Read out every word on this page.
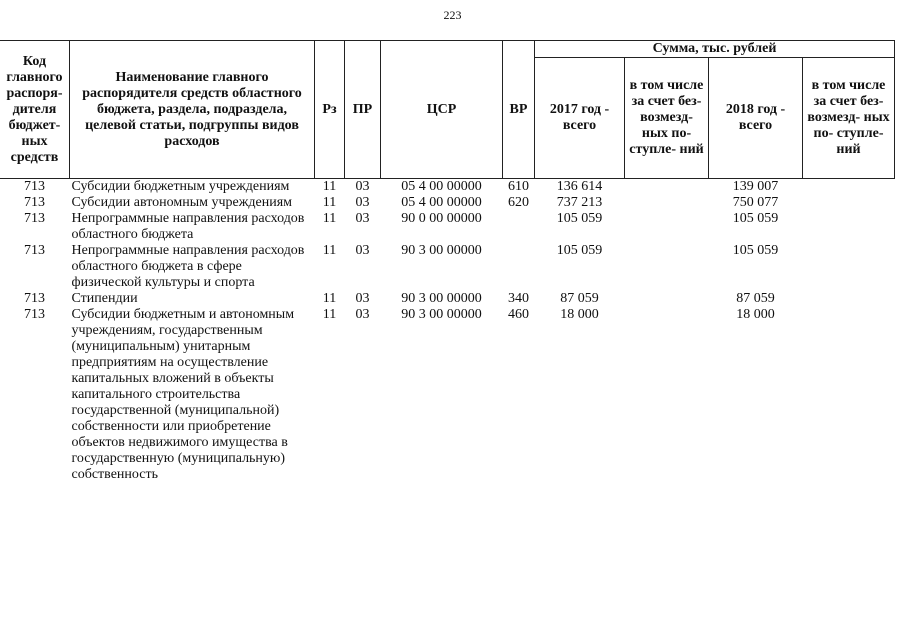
223
Код главного распоря- дителя бюджет- ных средств	Наименование главного распорядителя средств областного бюджета, раздела, подраздела, целевой статьи, подгруппы видов расходов	Рз	ПР	ЦСР	ВР	Сумма, тыс. рублей			
						2017 год - всего	в том числе за счет без- возмезд- ных по- ступле- ний	2018 год - всего	в том числе за счет без- возмезд- ных по- ступле- ний
713	Субсидии бюджетным учреждениям	11	03	05 4 00 00000	610	136 614		139 007	
713	Субсидии автономным учреждениям	11	03	05 4 00 00000	620	737 213		750 077	
713	Непрограммные направления расходов областного бюджета	11	03	90 0 00 00000		105 059		105 059	
713	Непрограммные направления расходов областного бюджета в сфере физической культуры и спорта	11	03	90 3 00 00000		105 059		105 059	
713	Стипендии	11	03	90 3 00 00000	340	87 059		87 059	
713	Субсидии бюджетным и автономным учреждениям, государственным (муниципальным) унитарным предприятиям на осуществление капитальных вложений в объекты капитального строительства государственной (муниципальной) собственности или приобретение объектов недвижимого имущества в государственную (муниципальную) собственность	11	03	90 3 00 00000	460	18 000		18 000	
